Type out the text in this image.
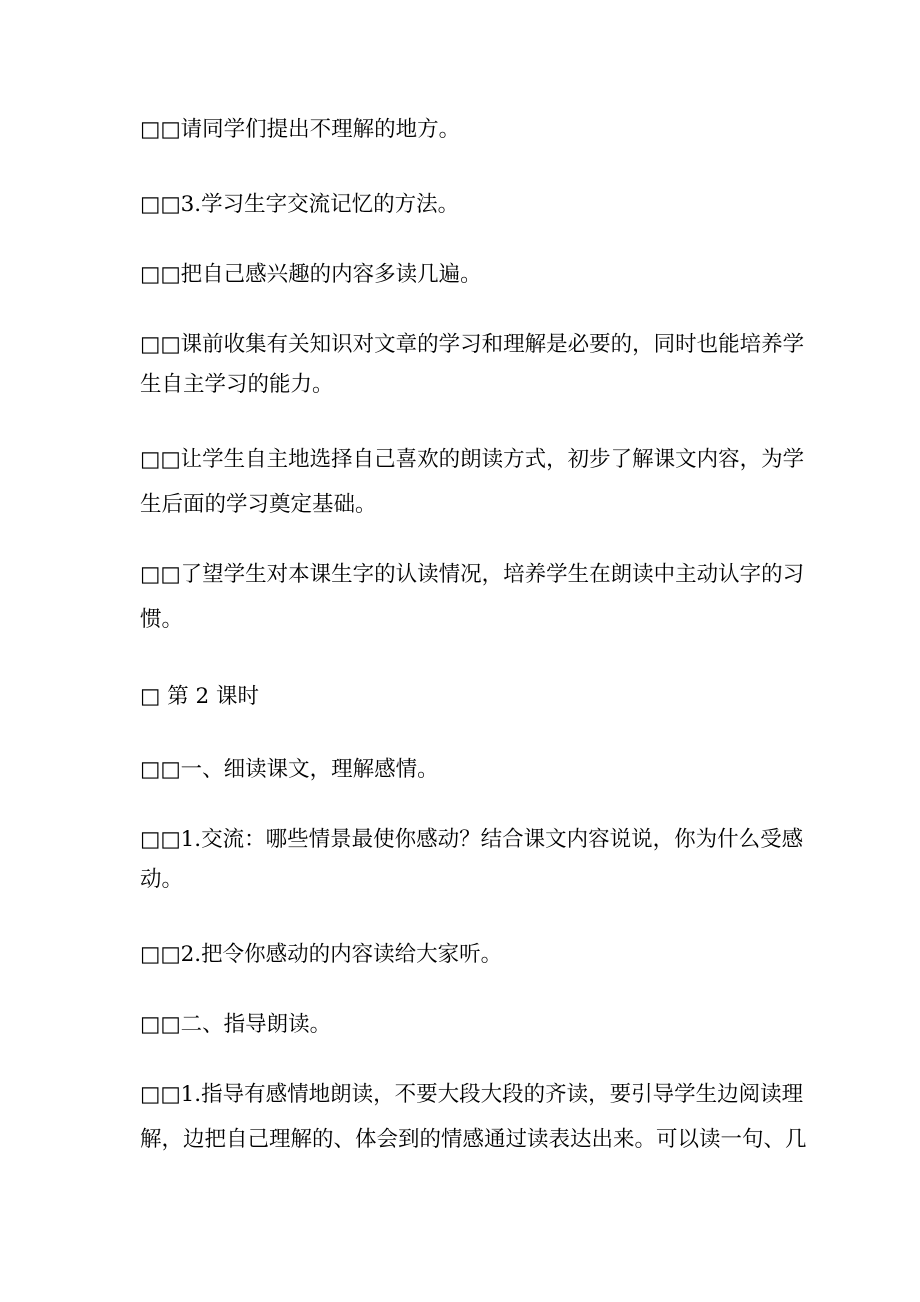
□□请同学们提出不理解的地方。
□□3.学习生字交流记忆的方法。
□□把自己感兴趣的内容多读几遍。
□□课前收集有关知识对文章的学习和理解是必要的，同时也能培养学
生自主学习的能力。
□□让学生自主地选择自己喜欢的朗读方式，初步了解课文内容，为学
生后面的学习奠定基础。
□□了望学生对本课生字的认读情况，培养学生在朗读中主动认字的习
惯。
□ 第 2 课时
□□一、细读课文，理解感情。
□□1.交流：哪些情景最使你感动？结合课文内容说说，你为什么受感
动。
□□2.把令你感动的内容读给大家听。
□□二、指导朗读。
□□1.指导有感情地朗读，不要大段大段的齐读，要引导学生边阅读理
解，边把自己理解的、体会到的情感通过读表达出来。可以读一句、几
